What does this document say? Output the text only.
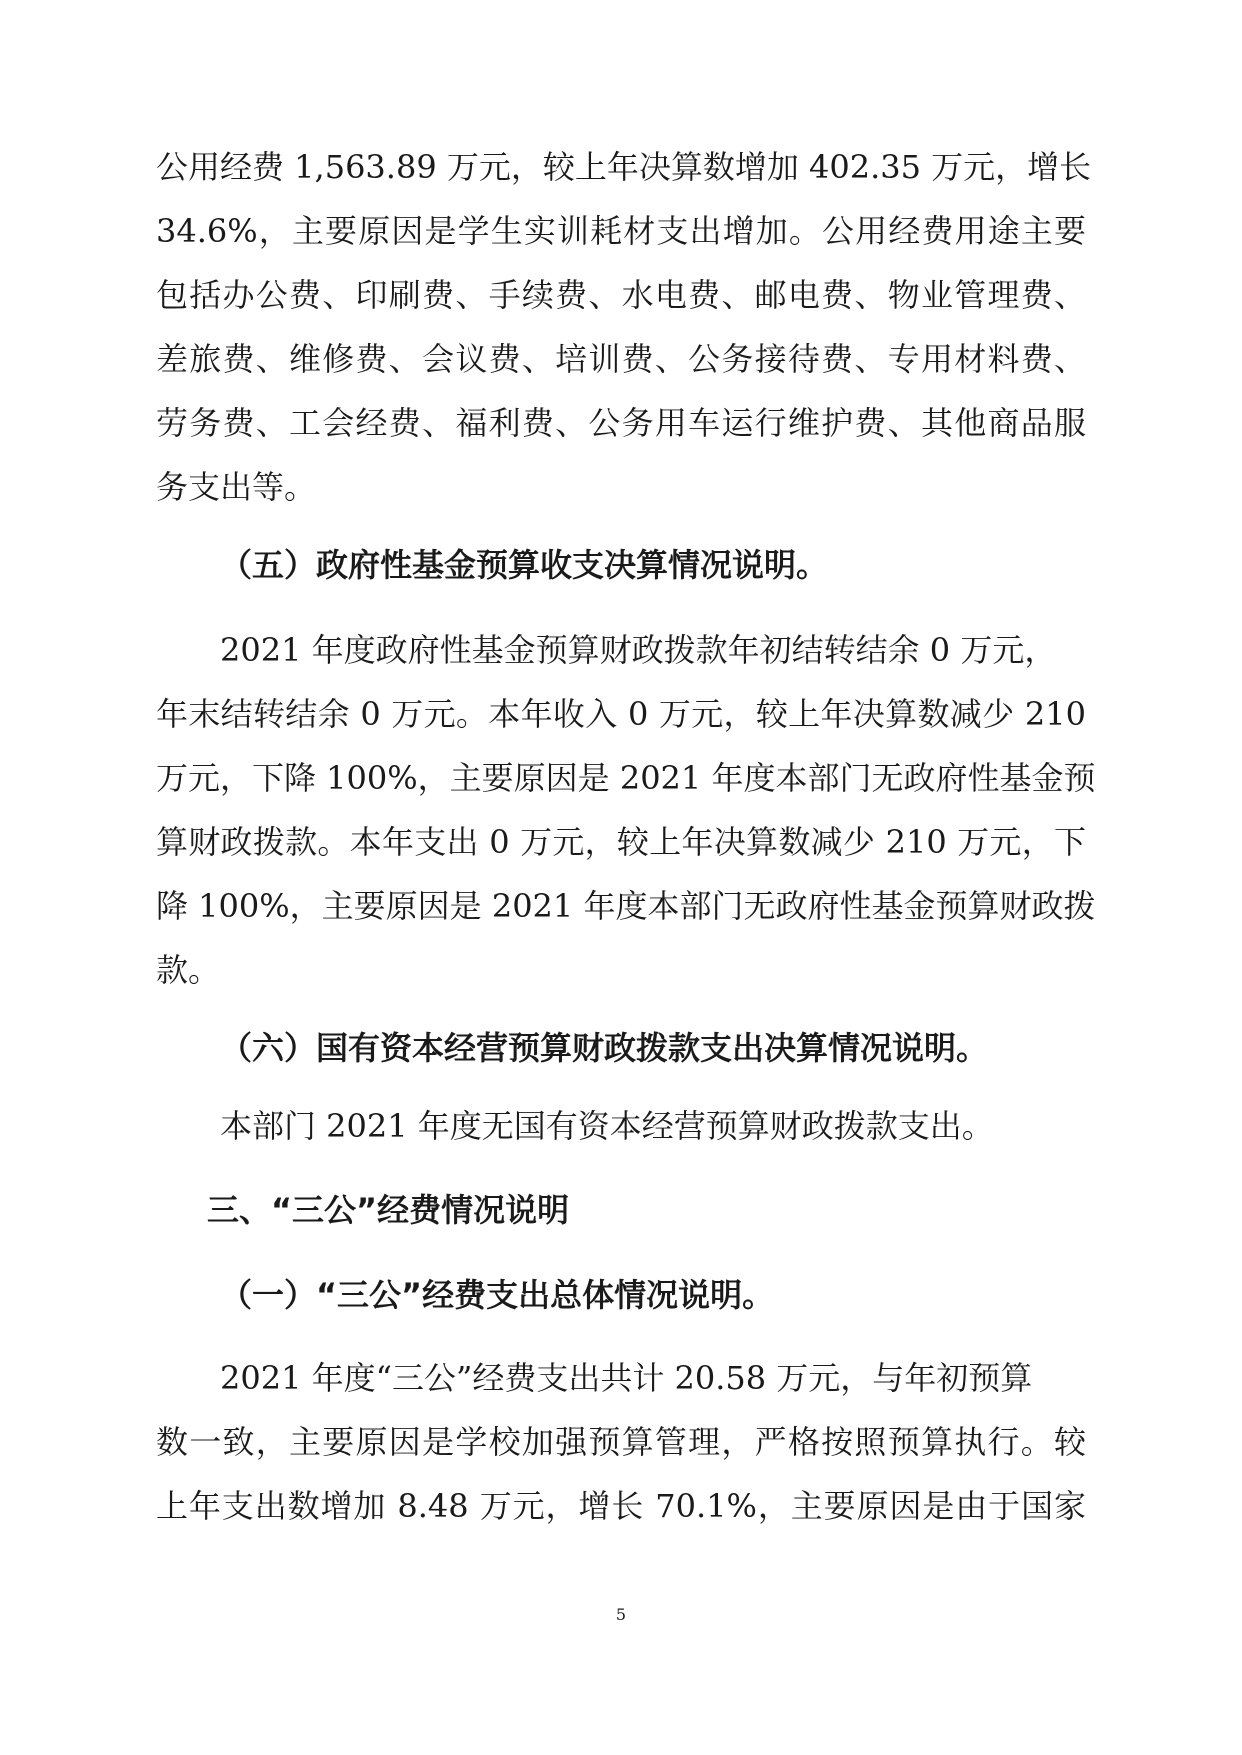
公用经费 1,563.89 万元，较上年决算数增加 402.35 万元，增长
34.6%，主要原因是学生实训耗材支出增加。公用经费用途主要
包括办公费、印刷费、手续费、水电费、邮电费、物业管理费、
差旅费、维修费、会议费、培训费、公务接待费、专用材料费、
劳务费、工会经费、福利费、公务用车运行维护费、其他商品服
务支出等。
（五）政府性基金预算收支决算情况说明。
2021 年度政府性基金预算财政拨款年初结转结余 0 万元，
年末结转结余 0 万元。本年收入 0 万元，较上年决算数减少 210
万元，下降 100%，主要原因是 2021 年度本部门无政府性基金预
算财政拨款。本年支出 0 万元，较上年决算数减少 210 万元，下
降 100%，主要原因是 2021 年度本部门无政府性基金预算财政拨
款。
（六）国有资本经营预算财政拨款支出决算情况说明。
本部门 2021 年度无国有资本经营预算财政拨款支出。
三、“三公”经费情况说明
（一）“三公”经费支出总体情况说明。
2021 年度“三公”经费支出共计 20.58 万元，与年初预算
数一致，主要原因是学校加强预算管理，严格按照预算执行。较
上年支出数增加 8.48 万元，增长 70.1%，主要原因是由于国家
5
